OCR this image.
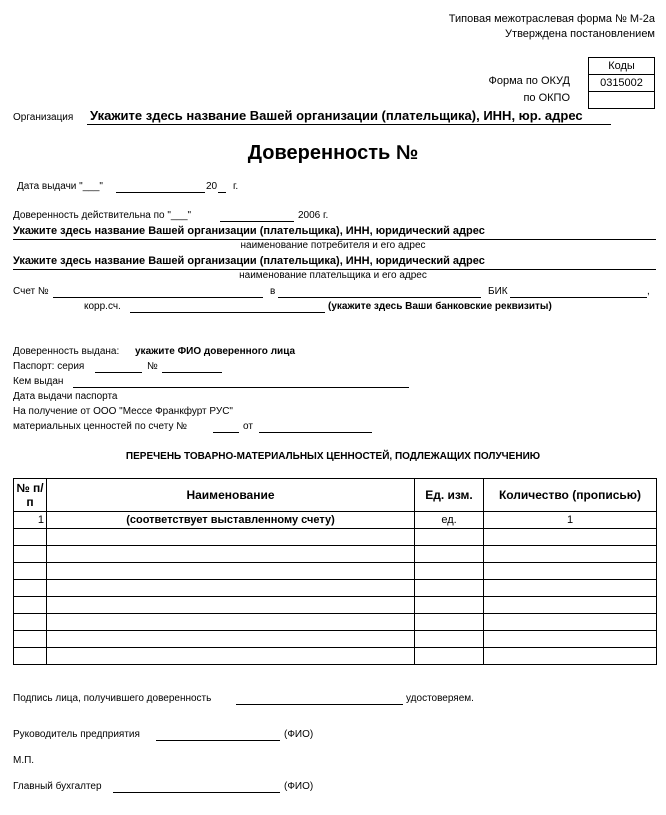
Типовая межотраслевая форма № М-2а
Утверждена постановлением
Коды
0315002

Форма по ОКУД
по ОКПО
Организация Укажите здесь название Вашей организации (плательщика), ИНН, юр. адрес
Доверенность №
Дата выдачи "___"	20 г.
Доверенность действительна по "___"	2006 г.
Укажите здесь название Вашей организации (плательщика), ИНН, юридический адрес
наименование потребителя и его адрес
Укажите здесь название Вашей организации (плательщика), ИНН, юридический адрес
наименование плательщика и его адрес
Счет №	в	БИК	,
корр.сч.	(укажите здесь Ваши банковские реквизиты)
Доверенность выдана: укажите ФИО доверенного лица
Паспорт: серия	№
Кем выдан
Дата выдачи паспорта
На получение от ООО "Мессе Франкфурт РУС"
материальных ценностей по счету №	от
ПЕРЕЧЕНЬ ТОВАРНО-МАТЕРИАЛЬНЫХ ЦЕННОСТЕЙ, ПОДЛЕЖАЩИХ ПОЛУЧЕНИЮ
№ п/п	Наименование	Ед. изм.	Количество (прописью)
1	(соответствует выставленному счету)	ед.	1

Подпись лица, получившего доверенность	удостоверяем.
Руководитель предприятия	(ФИО)
М.П.
Главный бухгалтер	(ФИО)
